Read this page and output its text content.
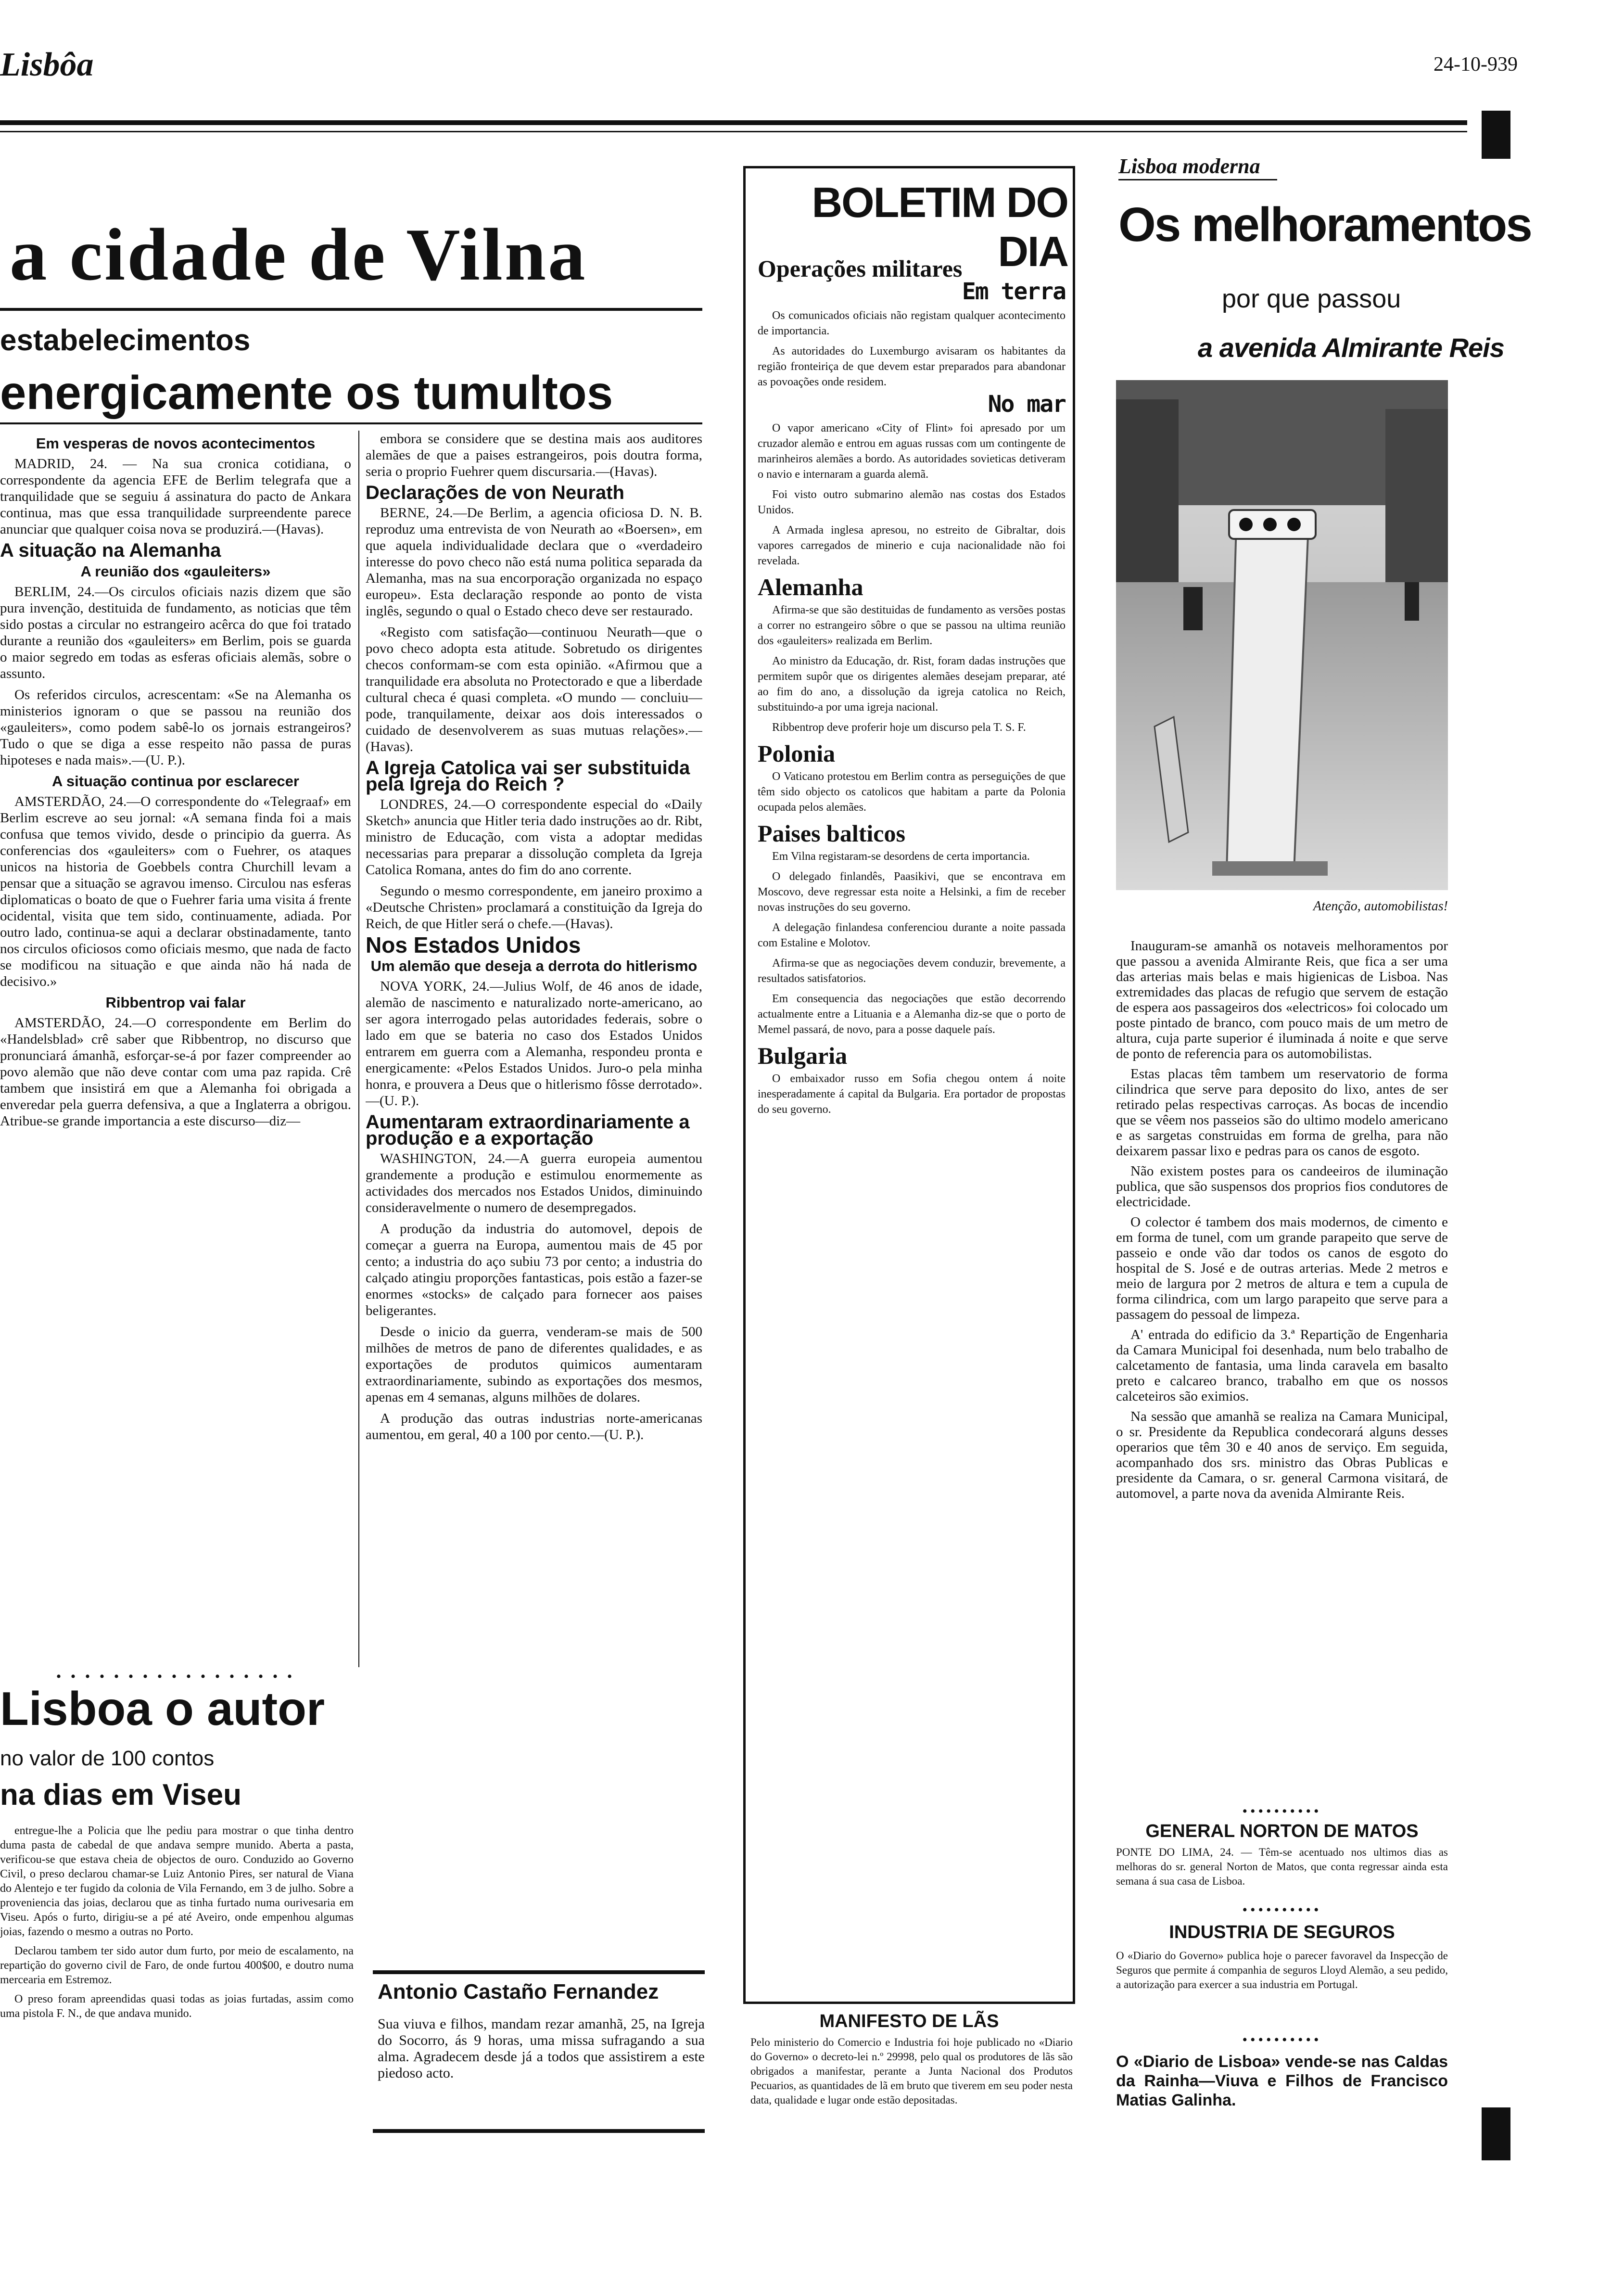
Lisbôa	24-10-939
a cidade de Vilna
estabelecimentos
energicamente os tumultos
Em vesperas de novos acontecimentos
MADRID, 24. — Na sua cronica cotidiana, o correspondente da agencia EFE de Berlim telegrafa que a tranquilidade que se seguiu á assinatura do pacto de Ankara continua, mas que essa tranquilidade surpreendente parece anunciar que qualquer coisa nova se produzirá.—(Havas).
A situação na Alemanha
A reunião dos «gauleiters»
BERLIM, 24.—Os circulos oficiais nazis dizem que são pura invenção, destituida de fundamento, as noticias que têm sido postas a circular no estrangeiro acêrca do que foi tratado durante a reunião dos «gauleiters» em Berlim, pois se guarda o maior segredo em todas as esferas oficiais alemãs, sobre o assunto.
Os referidos circulos, acrescentam: «Se na Alemanha os ministerios ignoram o que se passou na reunião dos «gauleiters», como podem sabê-lo os jornais estrangeiros? Tudo o que se diga a esse respeito não passa de puras hipoteses e nada mais».—(U. P.).
A situação continua por esclarecer
AMSTERDÃO, 24.—O correspondente do «Telegraaf» em Berlim escreve ao seu jornal: «A semana finda foi a mais confusa que temos vivido, desde o principio da guerra. As conferencias dos «gauleiters» com o Fuehrer, os ataques unicos na historia de Goebbels contra Churchill levam a pensar que a situação se agravou imenso. Circulou nas esferas diplomaticas o boato de que o Fuehrer faria uma visita á frente ocidental, visita que tem sido, continuamente, adiada. Por outro lado, continua-se aqui a declarar obstinadamente, tanto nos circulos oficiosos como oficiais mesmo, que nada de facto se modificou na situação e que ainda não há nada de decisivo.»
Ribbentrop vai falar
AMSTERDÃO, 24.—O correspondente em Berlim do «Handelsblad» crê saber que Ribbentrop, no discurso que pronunciará ámanhã, esforçar-se-á por fazer compreender ao povo alemão que não deve contar com uma paz rapida. Crê tambem que insistirá em que a Alemanha foi obrigada a enveredar pela guerra defensiva, a que a Inglaterra a obrigou. Atribue-se grande importancia a este discurso—diz—
embora se considere que se destina mais aos auditores alemães de que a paises estrangeiros, pois doutra forma, seria o proprio Fuehrer quem discursaria.—(Havas).
Declarações de von Neurath
BERNE, 24.—De Berlim, a agencia oficiosa D. N. B. reproduz uma entrevista de von Neurath ao «Boersen», em que aquela individualidade declara que o «verdadeiro interesse do povo checo não está numa politica separada da Alemanha, mas na sua encorporação organizada no espaço europeu». Esta declaração responde ao ponto de vista inglês, segundo o qual o Estado checo deve ser restaurado.
«Registo com satisfação—continuou Neurath—que o povo checo adopta esta atitude. Sobretudo os dirigentes checos conformam-se com esta opinião. «Afirmou que a tranquilidade era absoluta no Protectorado e que a liberdade cultural checa é quasi completa. «O mundo — concluiu— pode, tranquilamente, deixar aos dois interessados o cuidado de desenvolverem as suas mutuas relações».—(Havas).
A Igreja Catolica vai ser substituida pela Igreja do Reich ?
LONDRES, 24.—O correspondente especial do «Daily Sketch» anuncia que Hitler teria dado instruções ao dr. Ribt, ministro de Educação, com vista a adoptar medidas necessarias para preparar a dissolução completa da Igreja Catolica Romana, antes do fim do ano corrente.
Segundo o mesmo correspondente, em janeiro proximo a «Deutsche Christen» proclamará a constituição da Igreja do Reich, de que Hitler será o chefe.—(Havas).
Nos Estados Unidos
Um alemão que deseja a derrota do hitlerismo
NOVA YORK, 24.—Julius Wolf, de 46 anos de idade, alemão de nascimento e naturalizado norte-americano, ao ser agora interrogado pelas autoridades federais, sobre o lado em que se bateria no caso dos Estados Unidos entrarem em guerra com a Alemanha, respondeu pronta e energicamente: «Pelos Estados Unidos. Juro-o pela minha honra, e prouvera a Deus que o hitlerismo fôsse derrotado».—(U. P.).
Aumentaram extraordinariamente a produção e a exportação
WASHINGTON, 24.—A guerra europeia aumentou grandemente a produção e estimulou enormemente as actividades dos mercados nos Estados Unidos, diminuindo consideravelmente o numero de desempregados.
A produção da industria do automovel, depois de começar a guerra na Europa, aumentou mais de 45 por cento; a industria do aço subiu 73 por cento; a industria do calçado atingiu proporções fantasticas, pois estão a fazer-se enormes «stocks» de calçado para fornecer aos paises beligerantes.
Desde o inicio da guerra, venderam-se mais de 500 milhões de metros de pano de diferentes qualidades, e as exportações de produtos quimicos aumentaram extraordinariamente, subindo as exportações dos mesmos, apenas em 4 semanas, alguns milhões de dolares.
A produção das outras industrias norte-americanas aumentou, em geral, 40 a 100 por cento.—(U. P.).
• • • • • • • • • • • • • • • • •
Lisboa o autor
no valor de 100 contos
na dias em Viseu
entregue-lhe a Policia que lhe pediu para mostrar o que tinha dentro duma pasta de cabedal de que andava sempre munido. Aberta a pasta, verificou-se que estava cheia de objectos de ouro. Conduzido ao Governo Civil, o preso declarou chamar-se Luiz Antonio Pires, ser natural de Viana do Alentejo e ter fugido da colonia de Vila Fernando, em 3 de julho. Sobre a proveniencia das joias, declarou que as tinha furtado numa ourivesaria em Viseu. Após o furto, dirigiu-se a pé até Aveiro, onde empenhou algumas joias, fazendo o mesmo a outras no Porto.
Declarou tambem ter sido autor dum furto, por meio de escalamento, na repartição do governo civil de Faro, de onde furtou 400$00, e doutro numa mercearia em Estremoz.
O preso foram apreendidas quasi todas as joias furtadas, assim como uma pistola F. N., de que andava munido.
Antonio Castaño Fernandez
Sua viuva e filhos, mandam rezar amanhã, 25, na Igreja do Socorro, ás 9 horas, uma missa sufragando a sua alma. Agradecem desde já a todos que assistirem a este piedoso acto.
BOLETIM DO DIA
Operações militares
Em terra
Os comunicados oficiais não registam qualquer acontecimento de importancia.
As autoridades do Luxemburgo avisaram os habitantes da região fronteiriça de que devem estar preparados para abandonar as povoações onde residem.
No mar
O vapor americano «City of Flint» foi apresado por um cruzador alemão e entrou em aguas russas com um contingente de marinheiros alemães a bordo. As autoridades sovieticas detiveram o navio e internaram a guarda alemã.
Foi visto outro submarino alemão nas costas dos Estados Unidos.
A Armada inglesa apresou, no estreito de Gibraltar, dois vapores carregados de minerio e cuja nacionalidade não foi revelada.
Alemanha
Afirma-se que são destituidas de fundamento as versões postas a correr no estrangeiro sôbre o que se passou na ultima reunião dos «gauleiters» realizada em Berlim.
Ao ministro da Educação, dr. Rist, foram dadas instruções que permitem supôr que os dirigentes alemães desejam preparar, até ao fim do ano, a dissolução da igreja catolica no Reich, substituindo-a por uma igreja nacional.
Ribbentrop deve proferir hoje um discurso pela T. S. F.
Polonia
O Vaticano protestou em Berlim contra as perseguições de que têm sido objecto os catolicos que habitam a parte da Polonia ocupada pelos alemães.
Paises balticos
Em Vilna registaram-se desordens de certa importancia.
O delegado finlandês, Paasikivi, que se encontrava em Moscovo, deve regressar esta noite a Helsinki, a fim de receber novas instruções do seu governo.
A delegação finlandesa conferenciou durante a noite passada com Estaline e Molotov.
Afirma-se que as negociações devem conduzir, brevemente, a resultados satisfatorios.
Em consequencia das negociações que estão decorrendo actualmente entre a Lituania e a Alemanha diz-se que o porto de Memel passará, de novo, para a posse daquele país.
Bulgaria
O embaixador russo em Sofia chegou ontem á noite inesperadamente á capital da Bulgaria. Era portador de propostas do seu governo.
MANIFESTO DE LÃS
Pelo ministerio do Comercio e Industria foi hoje publicado no «Diario do Governo» o decreto-lei n.º 29998, pelo qual os produtores de lãs são obrigados a manifestar, perante a Junta Nacional dos Produtos Pecuarios, as quantidades de lã em bruto que tiverem em seu poder nesta data, qualidade e lugar onde estão depositadas.
Lisboa moderna
Os melhoramentos
por que passou
a avenida Almirante Reis
Atenção, automobilistas!
Inauguram-se amanhã os notaveis melhoramentos por que passou a avenida Almirante Reis, que fica a ser uma das arterias mais belas e mais higienicas de Lisboa. Nas extremidades das placas de refugio que servem de estação de espera aos passageiros dos «electricos» foi colocado um poste pintado de branco, com pouco mais de um metro de altura, cuja parte superior é iluminada á noite e que serve de ponto de referencia para os automobilistas.
Estas placas têm tambem um reservatorio de forma cilindrica que serve para deposito do lixo, antes de ser retirado pelas respectivas carroças. As bocas de incendio que se vêem nos passeios são do ultimo modelo americano e as sargetas construidas em forma de grelha, para não deixarem passar lixo e pedras para os canos de esgoto.
Não existem postes para os candeeiros de iluminação publica, que são suspensos dos proprios fios condutores de electricidade.
O colector é tambem dos mais modernos, de cimento e em forma de tunel, com um grande parapeito que serve de passeio e onde vão dar todos os canos de esgoto do hospital de S. José e de outras arterias. Mede 2 metros e meio de largura por 2 metros de altura e tem a cupula de forma cilindrica, com um largo parapeito que serve para a passagem do pessoal de limpeza.
A' entrada do edificio da 3.ª Repartição de Engenharia da Camara Municipal foi desenhada, num belo trabalho de calcetamento de fantasia, uma linda caravela em basalto preto e calcareo branco, trabalho em que os nossos calceteiros são eximios.
Na sessão que amanhã se realiza na Camara Municipal, o sr. Presidente da Republica condecorará alguns desses operarios que têm 30 e 40 anos de serviço. Em seguida, acompanhado dos srs. ministro das Obras Publicas e presidente da Camara, o sr. general Carmona visitará, de automovel, a parte nova da avenida Almirante Reis.
••••••••••
GENERAL NORTON DE MATOS
PONTE DO LIMA, 24. — Têm-se acentuado nos ultimos dias as melhoras do sr. general Norton de Matos, que conta regressar ainda esta semana á sua casa de Lisboa.
••••••••••
INDUSTRIA DE SEGUROS
O «Diario do Governo» publica hoje o parecer favoravel da Inspecção de Seguros que permite á companhia de seguros Lloyd Alemão, a seu pedido, a autorização para exercer a sua industria em Portugal.
••••••••••
O «Diario de Lisboa» vende-se nas Caldas da Rainha—Viuva e Filhos de Francisco Matias Galinha.
